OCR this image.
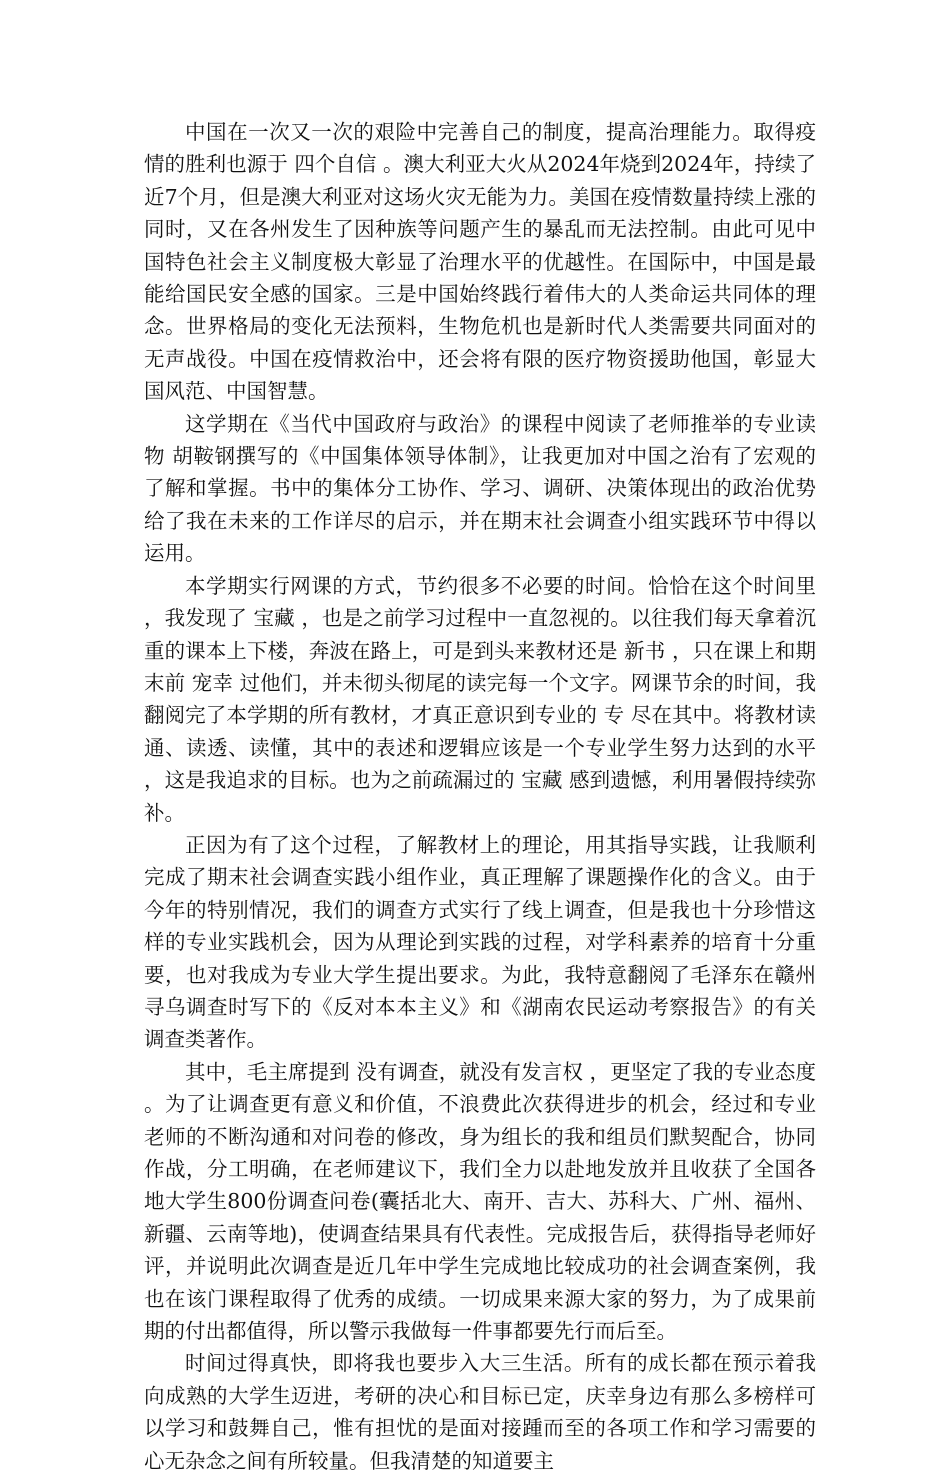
中国在一次又一次的艰险中完善自己的制度，提高治理能力。取得疫情的胜利也源于 四个自信 。澳大利亚大火从2024年烧到2024年，持续了近7个月，但是澳大利亚对这场火灾无能为力。美国在疫情数量持续上涨的同时，又在各州发生了因种族等问题产生的暴乱而无法控制。由此可见中国特色社会主义制度极大彰显了治理水平的优越性。在国际中，中国是最能给国民安全感的国家。三是中国始终践行着伟大的人类命运共同体的理念。世界格局的变化无法预料，生物危机也是新时代人类需要共同面对的无声战役。中国在疫情救治中，还会将有限的医疗物资援助他国，彰显大国风范、中国智慧。

这学期在《当代中国政府与政治》的课程中阅读了老师推举的专业读物 胡鞍钢撰写的《中国集体领导体制》，让我更加对中国之治有了宏观的了解和掌握。书中的集体分工协作、学习、调研、决策体现出的政治优势给了我在未来的工作详尽的启示，并在期末社会调查小组实践环节中得以运用。

本学期实行网课的方式，节约很多不必要的时间。恰恰在这个时间里，我发现了 宝藏 ，也是之前学习过程中一直忽视的。以往我们每天拿着沉重的课本上下楼，奔波在路上，可是到头来教材还是 新书 ，只在课上和期末前 宠幸 过他们，并未彻头彻尾的读完每一个文字。网课节余的时间，我翻阅完了本学期的所有教材，才真正意识到专业的 专 尽在其中。将教材读通、读透、读懂，其中的表述和逻辑应该是一个专业学生努力达到的水平，这是我追求的目标。也为之前疏漏过的 宝藏 感到遗憾，利用暑假持续弥补。

正因为有了这个过程，了解教材上的理论，用其指导实践，让我顺利完成了期末社会调查实践小组作业，真正理解了课题操作化的含义。由于今年的特别情况，我们的调查方式实行了线上调查，但是我也十分珍惜这样的专业实践机会，因为从理论到实践的过程，对学科素养的培育十分重要，也对我成为专业大学生提出要求。为此，我特意翻阅了毛泽东在赣州寻乌调查时写下的《反对本本主义》和《湖南农民运动考察报告》的有关调查类著作。

其中，毛主席提到 没有调查，就没有发言权 ，更坚定了我的专业态度。为了让调查更有意义和价值，不浪费此次获得进步的机会，经过和专业老师的不断沟通和对问卷的修改，身为组长的我和组员们默契配合，协同作战，分工明确，在老师建议下，我们全力以赴地发放并且收获了全国各地大学生800份调查问卷(囊括北大、南开、吉大、苏科大、广州、福州、新疆、云南等地)，使调查结果具有代表性。完成报告后，获得指导老师好评，并说明此次调查是近几年中学生完成地比较成功的社会调查案例，我也在该门课程取得了优秀的成绩。一切成果来源大家的努力，为了成果前期的付出都值得，所以警示我做每一件事都要先行而后至。

时间过得真快，即将我也要步入大三生活。所有的成长都在预示着我向成熟的大学生迈进，考研的决心和目标已定，庆幸身边有那么多榜样可以学习和鼓舞自己，惟有担忧的是面对接踵而至的各项工作和学习需要的心无杂念之间有所较量。但我清楚的知道要主
